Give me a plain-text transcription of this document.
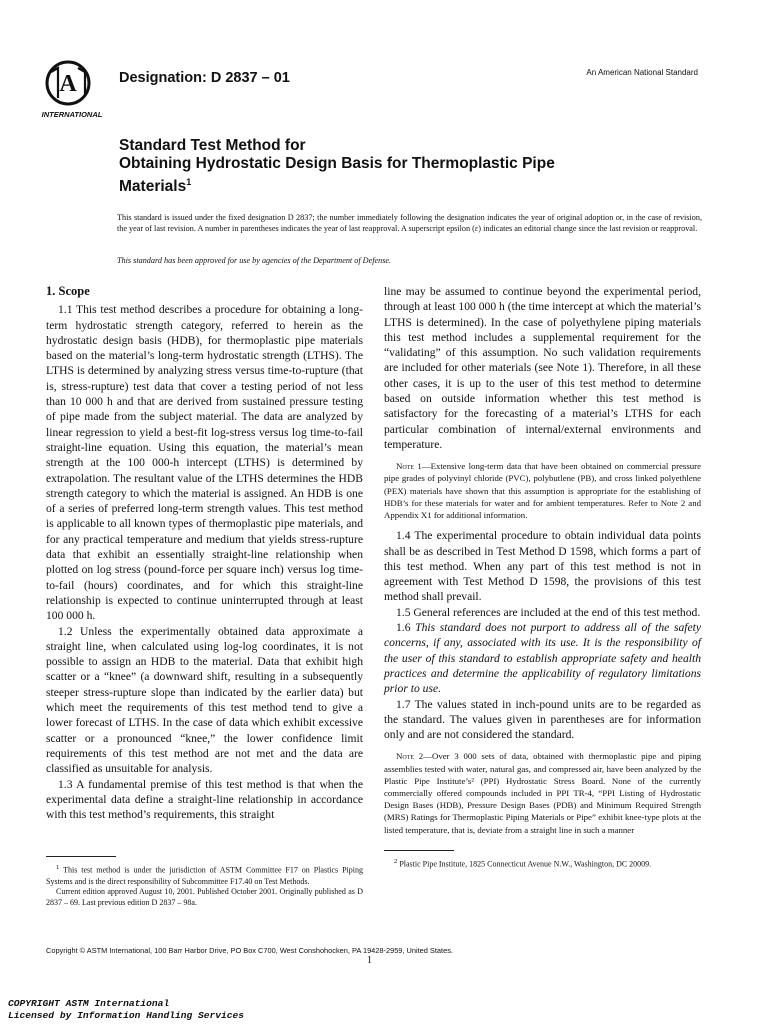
A
INTERNATIONAL
Designation: D 2837 – 01	An American National Standard
Standard Test Method for
Obtaining Hydrostatic Design Basis for Thermoplastic Pipe
Materials$^1$
This standard is issued under the fixed designation D 2837; the number immediately following the designation indicates the year of original adoption or, in the case of revision, the year of last revision. A number in parentheses indicates the year of last reapproval. A superscript epsilon (ε) indicates an editorial change since the last revision or reapproval.
This standard has been approved for use by agencies of the Department of Defense.
1. Scope

1.1 This test method describes a procedure for obtaining a long-term hydrostatic strength category, referred to herein as the hydrostatic design basis (HDB), for thermoplastic pipe materials based on the material’s long-term hydrostatic strength (LTHS). The LTHS is determined by analyzing stress versus time-to-rupture (that is, stress-rupture) test data that cover a testing period of not less than 10 000 h and that are derived from sustained pressure testing of pipe made from the subject material. The data are analyzed by linear regression to yield a best-fit log-stress versus log time-to-fail straight-line equation. Using this equation, the material’s mean strength at the 100 000-h intercept (LTHS) is determined by extrapolation. The resultant value of the LTHS determines the HDB strength category to which the material is assigned. An HDB is one of a series of preferred long-term strength values. This test method is applicable to all known types of thermoplastic pipe materials, and for any practical temperature and medium that yields stress-rupture data that exhibit an essentially straight-line relationship when plotted on log stress (pound-force per square inch) versus log time-to-fail (hours) coordinates, and for which this straight-line relationship is expected to continue uninterrupted through at least 100 000 h.

1.2 Unless the experimentally obtained data approximate a straight line, when calculated using log-log coordinates, it is not possible to assign an HDB to the material. Data that exhibit high scatter or a “knee” (a downward shift, resulting in a subsequently steeper stress-rupture slope than indicated by the earlier data) but which meet the requirements of this test method tend to give a lower forecast of LTHS. In the case of data which exhibit excessive scatter or a pronounced “knee,” the lower confidence limit requirements of this test method are not met and the data are classified as unsuitable for analysis.

1.3 A fundamental premise of this test method is that when the experimental data define a straight-line relationship in accordance with this test method’s requirements, this straight

$^1$ This test method is under the jurisdiction of ASTM Committee F17 on Plastics Piping Systems and is the direct responsibility of Subcommittee F17.40 on Test Methods.

Current edition approved August 10, 2001. Published October 2001. Originally published as D 2837 – 69. Last previous edition D 2837 – 98a.

line may be assumed to continue beyond the experimental period, through at least 100 000 h (the time intercept at which the material’s LTHS is determined). In the case of polyethylene piping materials this test method includes a supplemental requirement for the “validating” of this assumption. No such validation requirements are included for other materials (see Note 1). Therefore, in all these other cases, it is up to the user of this test method to determine based on outside information whether this test method is satisfactory for the forecasting of a material’s LTHS for each particular combination of internal/external environments and temperature.

Note 1—Extensive long-term data that have been obtained on commercial pressure pipe grades of polyvinyl chloride (PVC), polybutlene (PB), and cross linked polyethlene (PEX) materials have shown that this assumption is appropriate for the establishing of HDB’s for these materials for water and for ambient temperatures. Refer to Note 2 and Appendix X1 for additional information.

1.4 The experimental procedure to obtain individual data points shall be as described in Test Method D 1598, which forms a part of this test method. When any part of this test method is not in agreement with Test Method D 1598, the provisions of this test method shall prevail.

1.5 General references are included at the end of this test method.

1.6 This standard does not purport to address all of the safety concerns, if any, associated with its use. It is the responsibility of the user of this standard to establish appropriate safety and health practices and determine the applicability of regulatory limitations prior to use.

1.7 The values stated in inch-pound units are to be regarded as the standard. The values given in parentheses are for information only and are not considered the standard.

Note 2—Over 3 000 sets of data, obtained with thermoplastic pipe and piping assemblies tested with water, natural gas, and compressed air, have been analyzed by the Plastic Pipe Institute’s² (PPI) Hydrostatic Stress Board. None of the currently commercially offered compounds included in PPI TR-4, “PPI Listing of Hydrostatic Design Bases (HDB), Pressure Design Bases (PDB) and Minimum Required Strength (MRS) Ratings for Thermoplastic Piping Materials or Pipe” exhibit knee-type plots at the listed temperature, that is, deviate from a straight line in such a manner

$^2$ Plastic Pipe Institute, 1825 Connecticut Avenue N.W., Washington, DC 20009.

Copyright © ASTM International, 100 Barr Harbor Drive, PO Box C700, West Conshohocken, PA 19428-2959, United States.
1
COPYRIGHT ASTM International
Licensed by Information Handling Services
